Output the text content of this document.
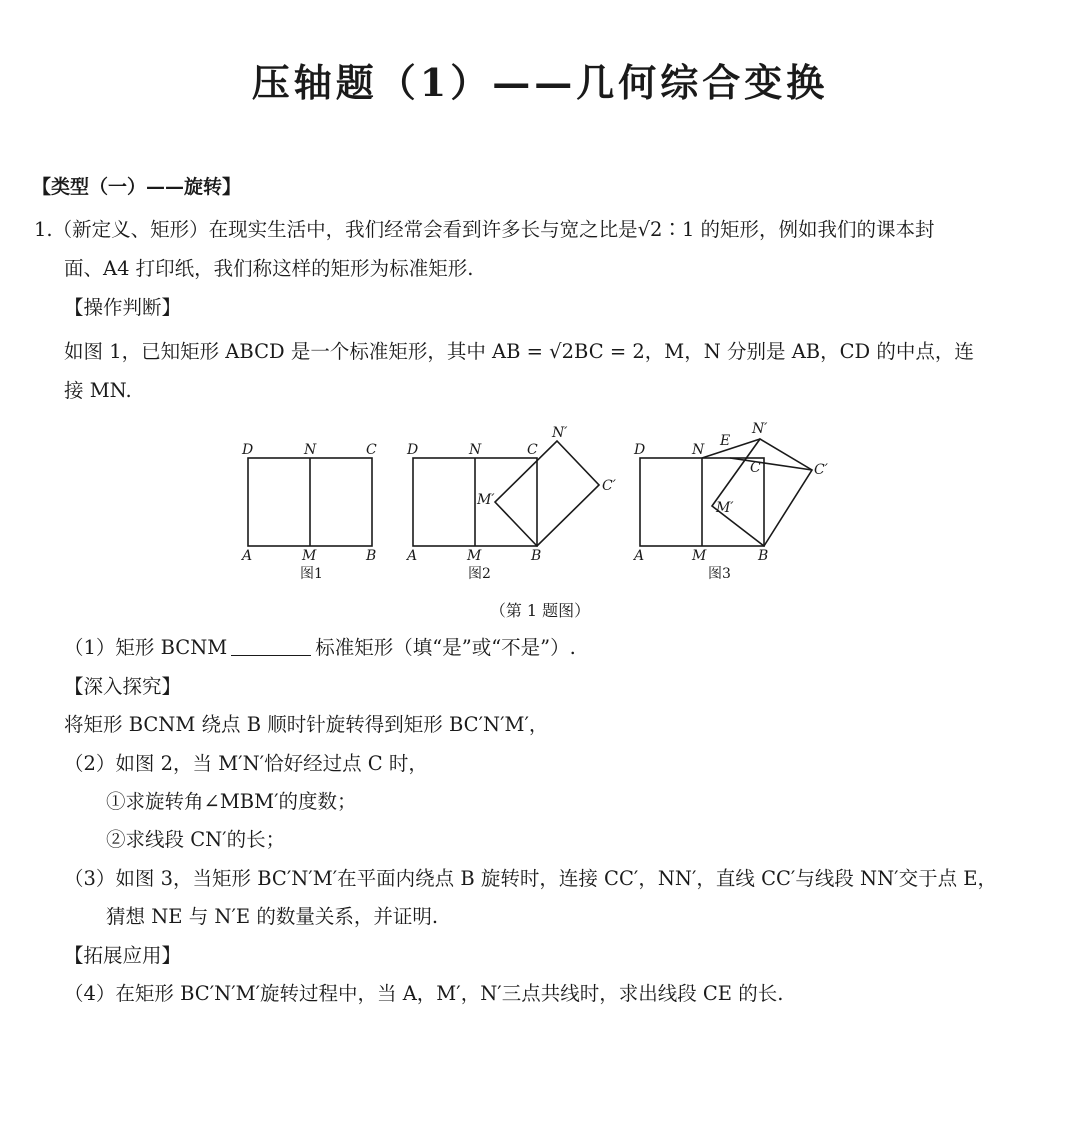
压轴题（1）——几何综合变换
【类型（一）——旋转】
1.（新定义、矩形）在现实生活中，我们经常会看到许多长与宽之比是√2∶1 的矩形，例如我们的课本封
面、A4 打印纸，我们称这样的矩形为标准矩形.
【操作判断】
如图 1，已知矩形 ABCD 是一个标准矩形，其中 AB = √2BC = 2，M，N 分别是 AB，CD 的中点，连
接 MN.
D	N	C
A	M	B
图1
D	N	C
A	M	B
N′
C′
M′
图2
D	N
E
N′
C	C′
M′
A	M	B
图3
（第 1 题图）
（1）矩形 BCNM	标准矩形（填“是”或“不是”）.
【深入探究】
将矩形 BCNM 绕点 B 顺时针旋转得到矩形 BC′N′M′，
（2）如图 2，当 M′N′恰好经过点 C 时，
①求旋转角∠MBM′的度数；
②求线段 CN′的长；
（3）如图 3，当矩形 BC′N′M′在平面内绕点 B 旋转时，连接 CC′，NN′，直线 CC′与线段 NN′交于点 E，
猜想 NE 与 N′E 的数量关系，并证明.
【拓展应用】
（4）在矩形 BC′N′M′旋转过程中，当 A，M′，N′三点共线时，求出线段 CE 的长.
